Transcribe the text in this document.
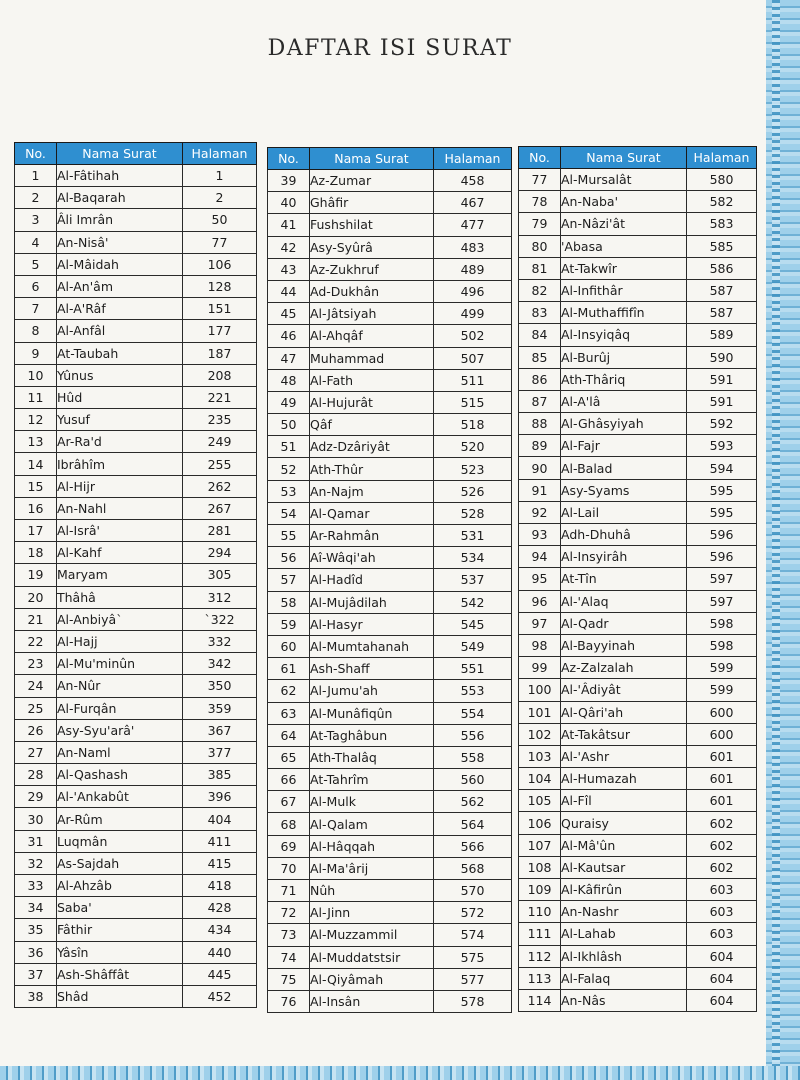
DAFTAR ISI SURAT
No.	Nama Surat	Halaman
1	Al-Fâtihah	1
2	Al-Baqarah	2
3	Âli Imrân	50
4	An-Nisâ'	77
5	Al-Mâidah	106
6	Al-An'âm	128
7	Al-A'Râf	151
8	Al-Anfâl	177
9	At-Taubah	187
10	Yûnus	208
11	Hûd	221
12	Yusuf	235
13	Ar-Ra'd	249
14	Ibrâhîm	255
15	Al-Hijr	262
16	An-Nahl	267
17	Al-Isrâ'	281
18	Al-Kahf	294
19	Maryam	305
20	Thâhâ	312
21	Al-Anbiyâ`	`322
22	Al-Hajj	332
23	Al-Mu'minûn	342
24	An-Nûr	350
25	Al-Furqân	359
26	Asy-Syu'arâ'	367
27	An-Naml	377
28	Al-Qashash	385
29	Al-'Ankabût	396
30	Ar-Rûm	404
31	Luqmân	411
32	As-Sajdah	415
33	Al-Ahzâb	418
34	Saba'	428
35	Fâthir	434
36	Yâsîn	440
37	Ash-Shâffât	445
38	Shâd	452
No.	Nama Surat	Halaman
39	Az-Zumar	458
40	Ghâfir	467
41	Fushshilat	477
42	Asy-Syûrâ	483
43	Az-Zukhruf	489
44	Ad-Dukhân	496
45	Al-Jâtsiyah	499
46	Al-Ahqâf	502
47	Muhammad	507
48	Al-Fath	511
49	Al-Hujurât	515
50	Qâf	518
51	Adz-Dzâriyât	520
52	Ath-Thûr	523
53	An-Najm	526
54	Al-Qamar	528
55	Ar-Rahmân	531
56	Aî-Wâqi'ah	534
57	Al-Hadîd	537
58	Al-Mujâdilah	542
59	Al-Hasyr	545
60	Al-Mumtahanah	549
61	Ash-Shaff	551
62	Al-Jumu'ah	553
63	Al-Munâfiqûn	554
64	At-Taghâbun	556
65	Ath-Thalâq	558
66	At-Tahrîm	560
67	Al-Mulk	562
68	Al-Qalam	564
69	Al-Hâqqah	566
70	Al-Ma'ârij	568
71	Nûh	570
72	Al-Jinn	572
73	Al-Muzzammil	574
74	Al-Muddatstsir	575
75	Al-Qiyâmah	577
76	Al-Insân	578
No.	Nama Surat	Halaman
77	Al-Mursalât	580
78	An-Naba'	582
79	An-Nâzi'ât	583
80	'Abasa	585
81	At-Takwîr	586
82	Al-Infithâr	587
83	Al-Muthaffifîn	587
84	Al-Insyiqâq	589
85	Al-Burûj	590
86	Ath-Thâriq	591
87	Al-A'lâ	591
88	Al-Ghâsyiyah	592
89	Al-Fajr	593
90	Al-Balad	594
91	Asy-Syams	595
92	Al-Lail	595
93	Adh-Dhuhâ	596
94	Al-Insyirâh	596
95	At-Tîn	597
96	Al-'Alaq	597
97	Al-Qadr	598
98	Al-Bayyinah	598
99	Az-Zalzalah	599
100	Al-'Âdiyât	599
101	Al-Qâri'ah	600
102	At-Takâtsur	600
103	Al-'Ashr	601
104	Al-Humazah	601
105	Al-Fîl	601
106	Quraisy	602
107	Al-Mâ'ûn	602
108	Al-Kautsar	602
109	Al-Kâfirûn	603
110	An-Nashr	603
111	Al-Lahab	603
112	Al-Ikhlâsh	604
113	Al-Falaq	604
114	An-Nâs	604
